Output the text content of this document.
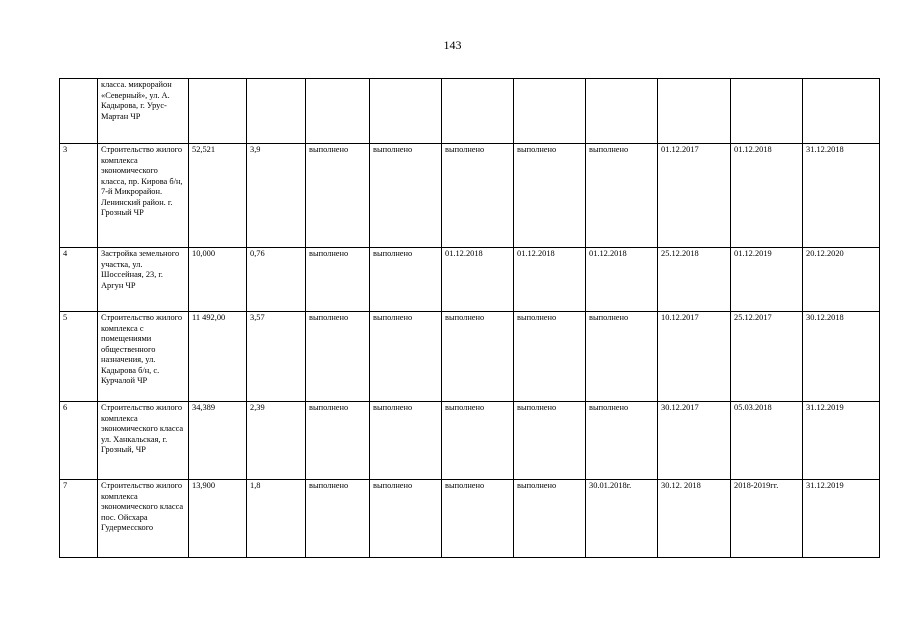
143
	класса. микрорайон «Северный», ул. А. Кадырова, г. Урус-Мартан ЧР										
3	Строительство жилого комплекса экономического класса, пр. Кирова б/н, 7-й Микрорайон. Ленинский район. г. Грозный ЧР	52,521	3,9	выполнено	выполнено	выполнено	выполнено	выполнено	01.12.2017	01.12.2018	31.12.2018
4	Застройка земельного участка, ул. Шоссейная, 23, г. Аргун ЧР	10,000	0,76	выполнено	выполнено	01.12.2018	01.12.2018	01.12.2018	25.12.2018	01.12.2019	20.12.2020
5	Строительство жилого комплекса с помещениями общественного назначения, ул. Кадырова б/н, с. Курчалой ЧР	11 492,00	3,57	выполнено	выполнено	выполнено	выполнено	выполнено	10.12.2017	25.12.2017	30.12.2018
6	Строительство жилого комплекса экономического класса ул. Ханкальская, г. Грозный, ЧР	34,389	2,39	выполнено	выполнено	выполнено	выполнено	выполнено	30.12.2017	05.03.2018	31.12.2019
7	Строительство жилого комплекса экономического класса пос. Ойсхара Гудермесского	13,900	1,8	выполнено	выполнено	выполнено	выполнено	30.01.2018г.	30.12. 2018	2018-2019гг.	31.12.2019
